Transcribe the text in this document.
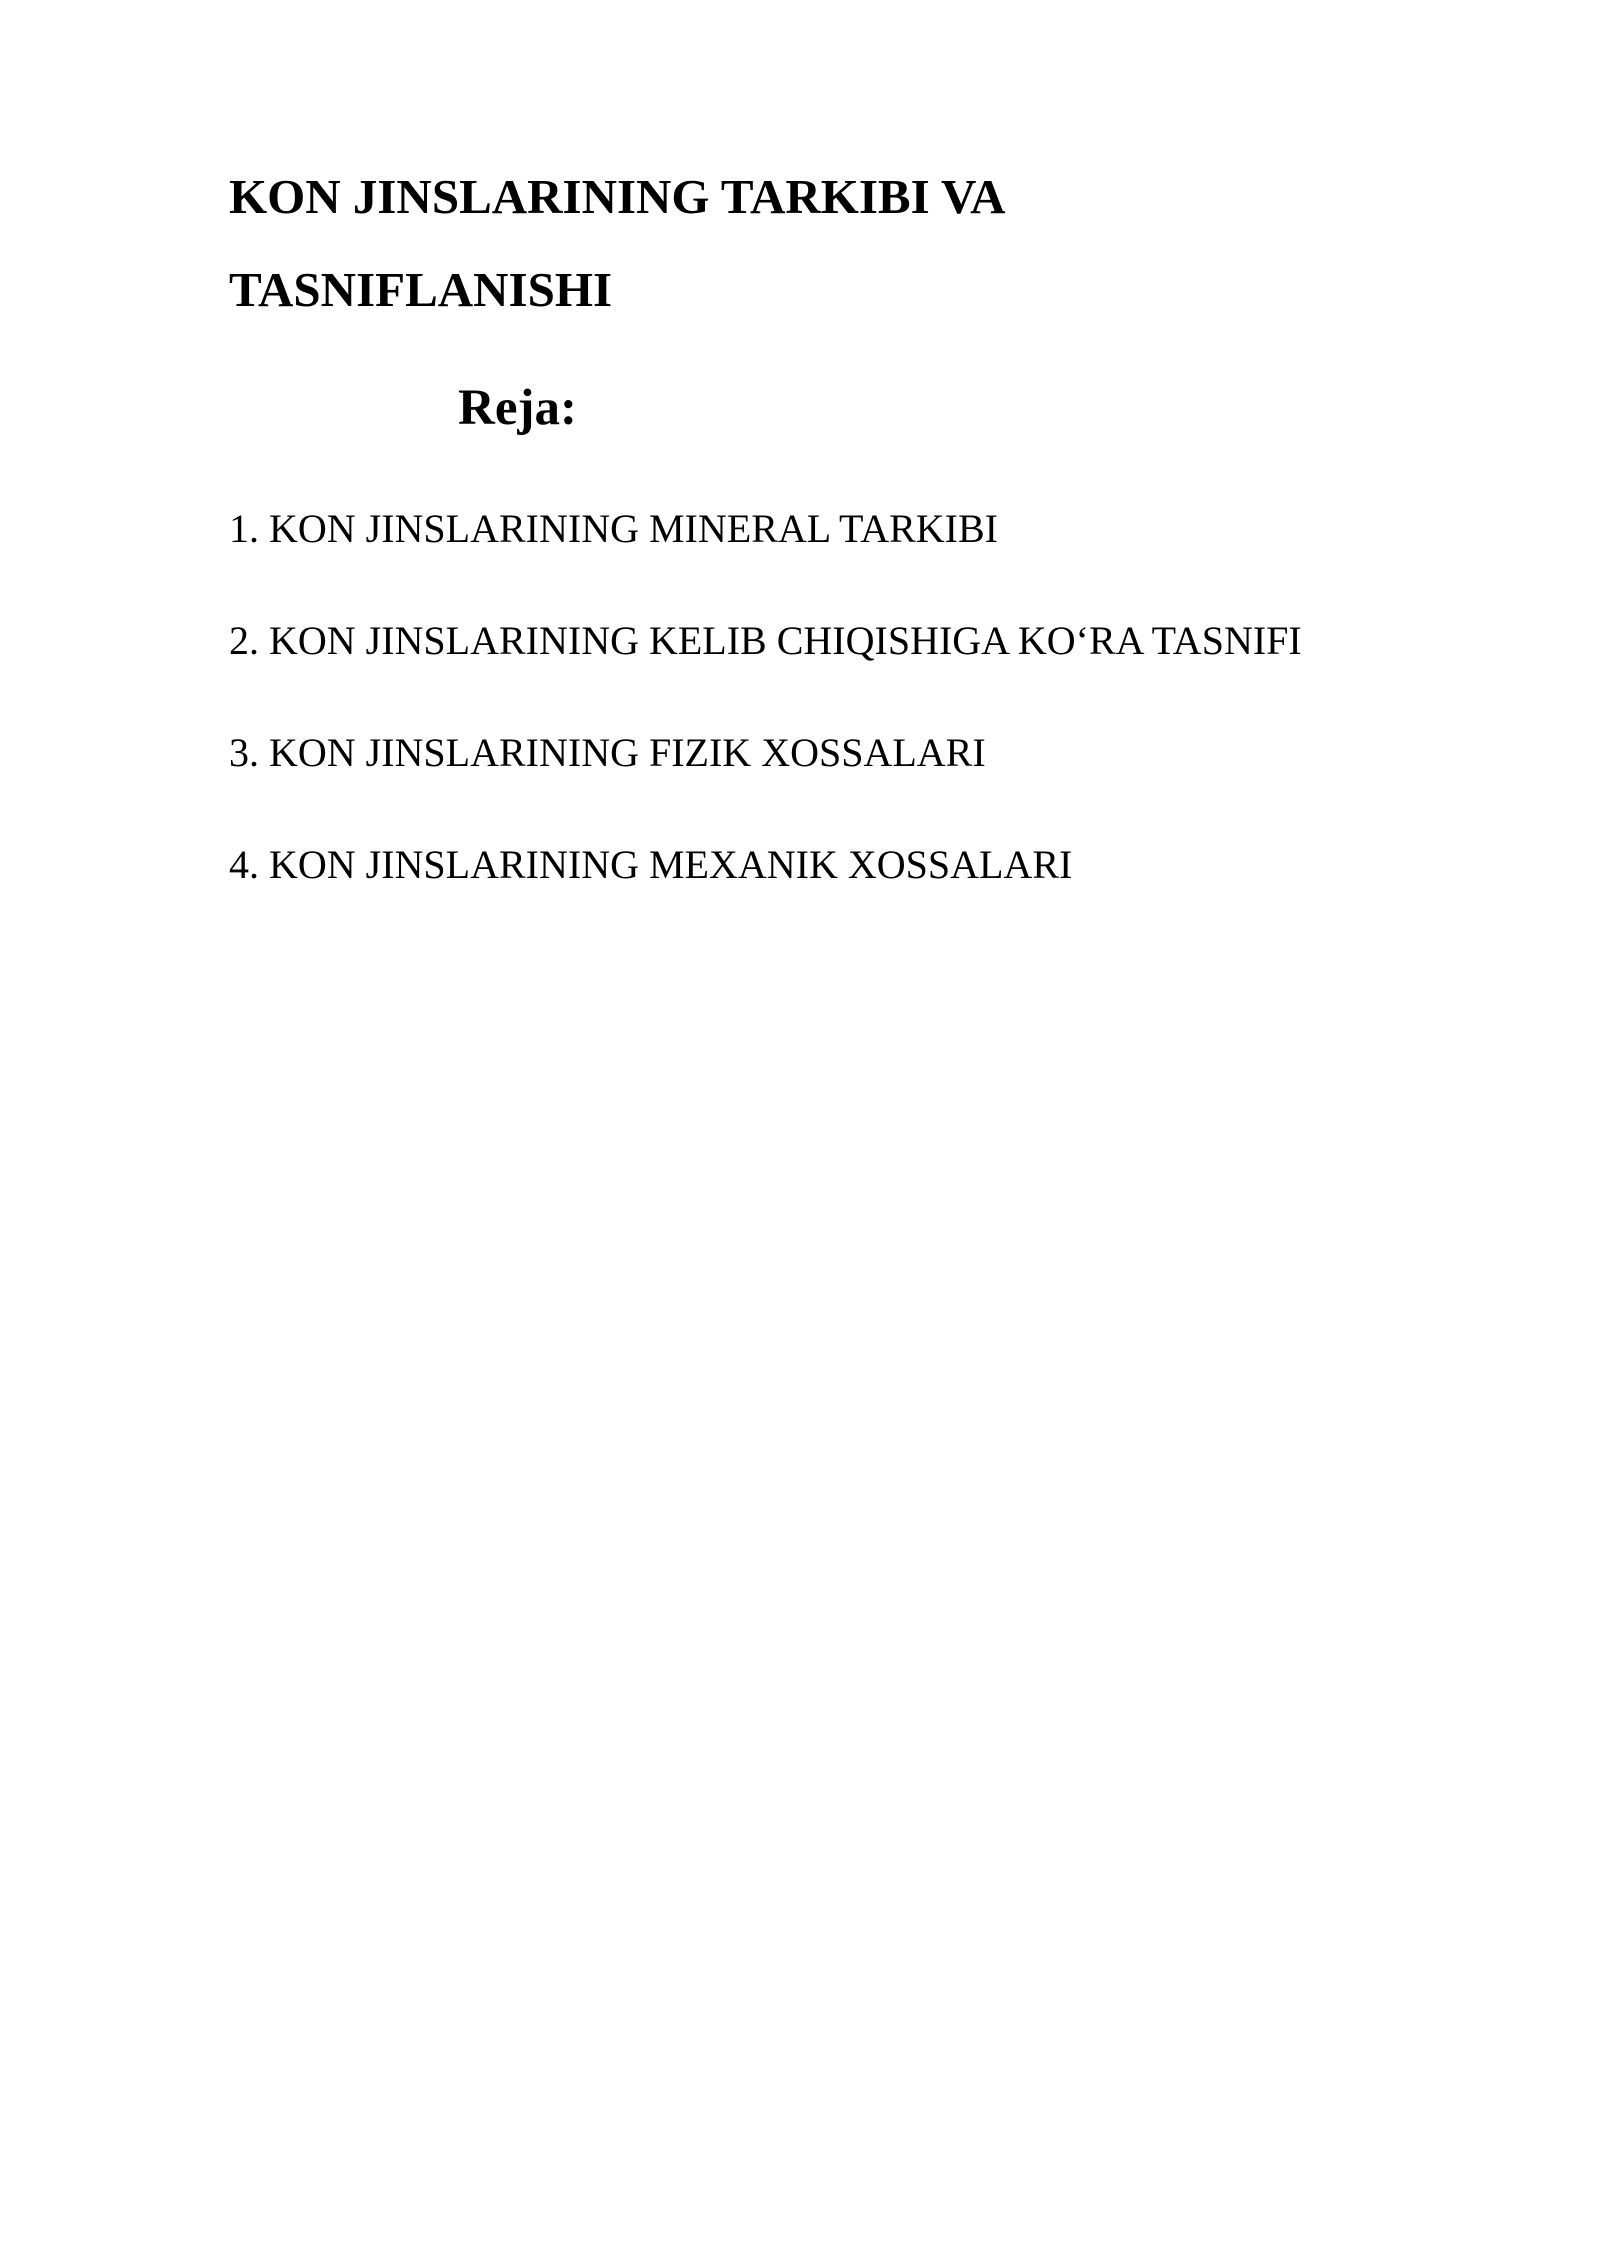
KON JINSLARINING TARKIBI VA
TASNIFLANISHI
Reja:
1. KON JINSLARINING MINERAL TARKIBI
2. KON JINSLARINING KELIB CHIQISHIGA KO‘RA TASNIFI
3. KON JINSLARINING FIZIK XOSSALARI
4. KON JINSLARINING MEXANIK XOSSALARI
